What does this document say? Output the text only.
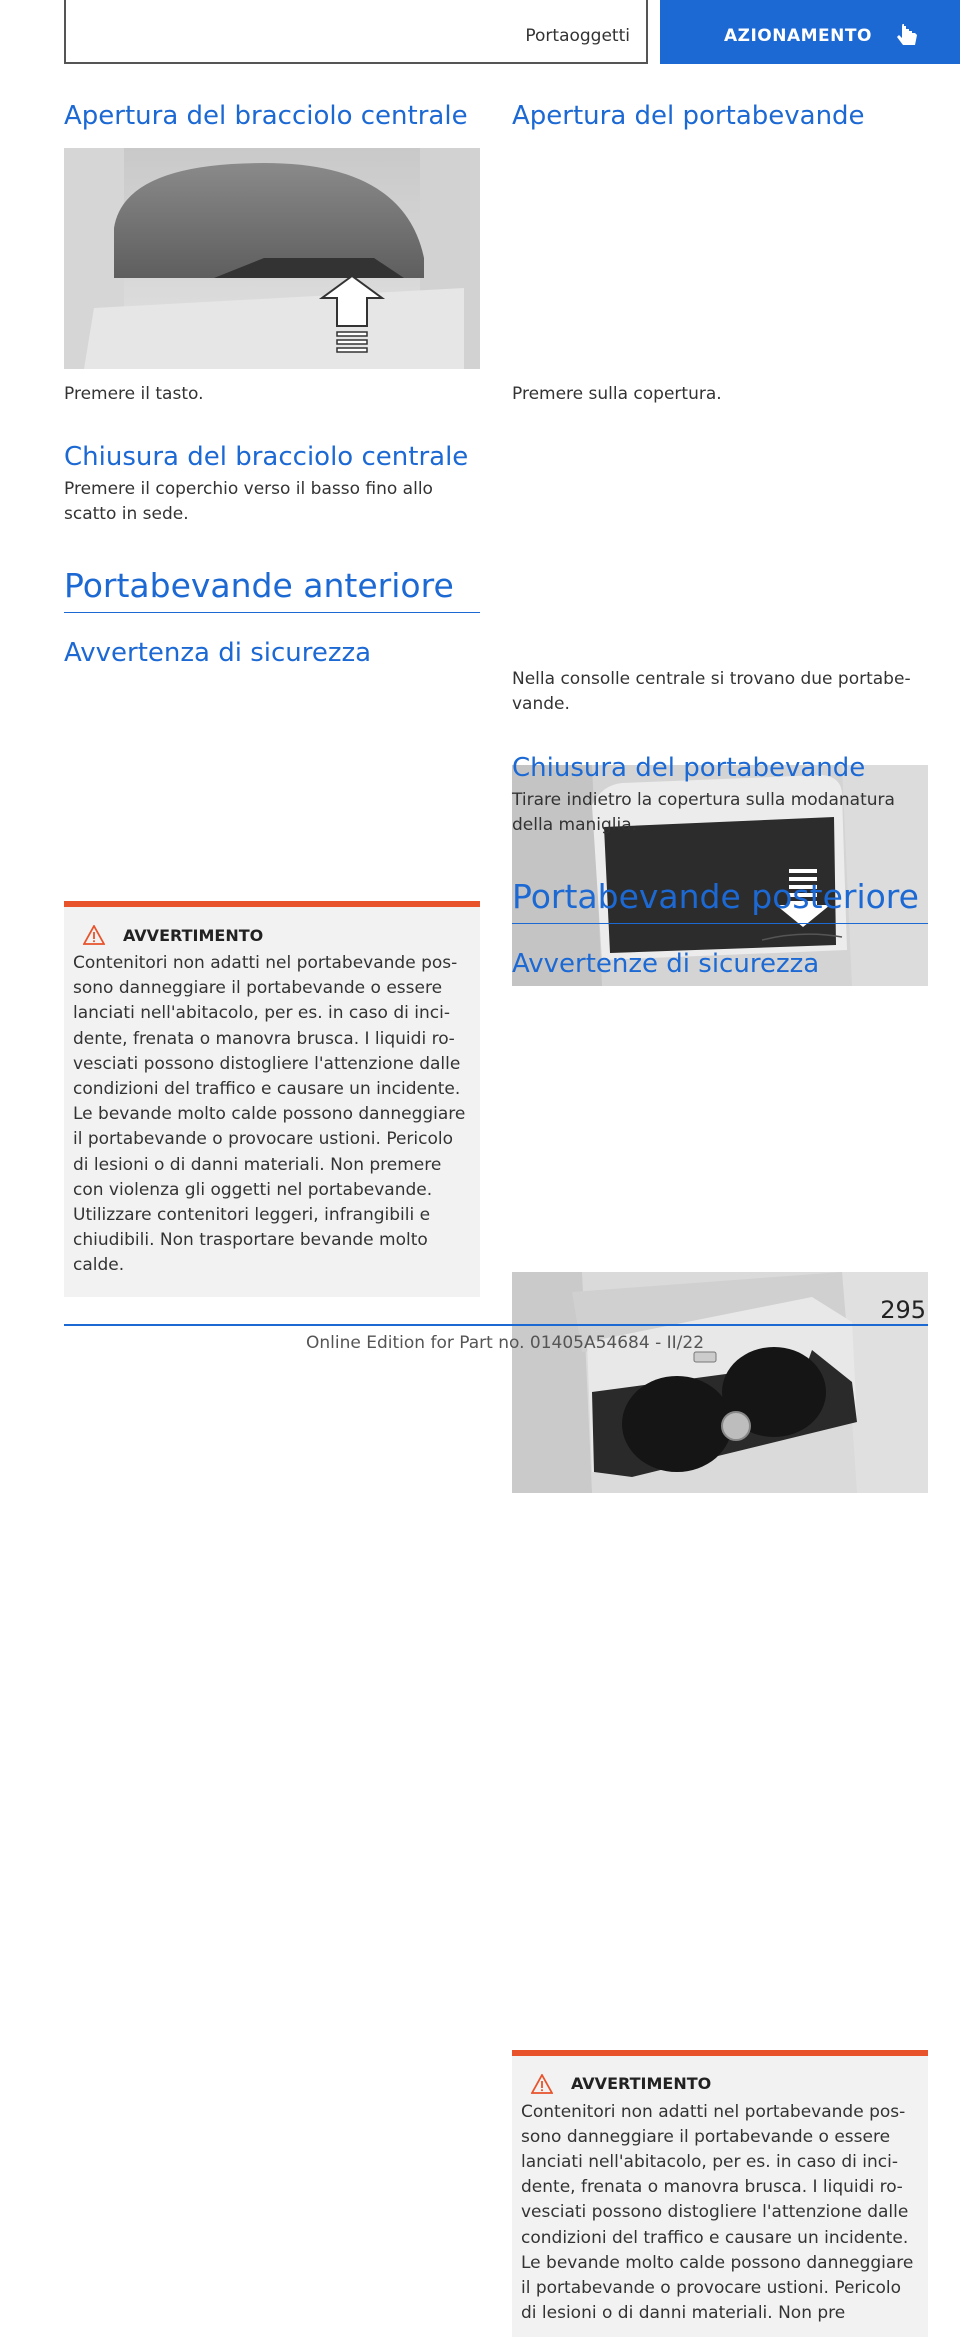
Portaoggetti	AZIONAMENTO
Apertura del bracciolo centrale

Premere il tasto.

Chiusura del bracciolo centrale

Premere il coperchio verso il basso fino allo scatto in sede.

Portabevande anteriore
Avvertenza di sicurezza
AVVERTIMENTO
Contenitori non adatti nel portabevande possono danneggiare il portabevande o essere lanciati nell'abitacolo, per es. in caso di incidente, frenata o manovra brusca. I liquidi rovesciati possono distogliere l'attenzione dalle condizioni del traffico e causare un incidente. Le bevande molto calde possono danneggiare il portabevande o provocare ustioni. Pericolo di lesioni o di danni materiali. Non premere con violenza gli oggetti nel portabevande. Utilizzare contenitori leggeri, infrangibili e chiudibili. Non trasportare bevande molto calde.
Apertura del portabevande

Premere sulla copertura.

Nella consolle centrale si trovano due portabevande.

Chiusura del portabevande

Tirare indietro la copertura sulla modanatura della maniglia.

Portabevande posteriore
Avvertenze di sicurezza
AVVERTIMENTO
Contenitori non adatti nel portabevande possono danneggiare il portabevande o essere lanciati nell'abitacolo, per es. in caso di incidente, frenata o manovra brusca. I liquidi rovesciati possono distogliere l'attenzione dalle condizioni del traffico e causare un incidente. Le bevande molto calde possono danneggiare il portabevande o provocare ustioni. Pericolo di lesioni o di danni materiali. Non pre
295
Online Edition for Part no. 01405A54684 - II/22
